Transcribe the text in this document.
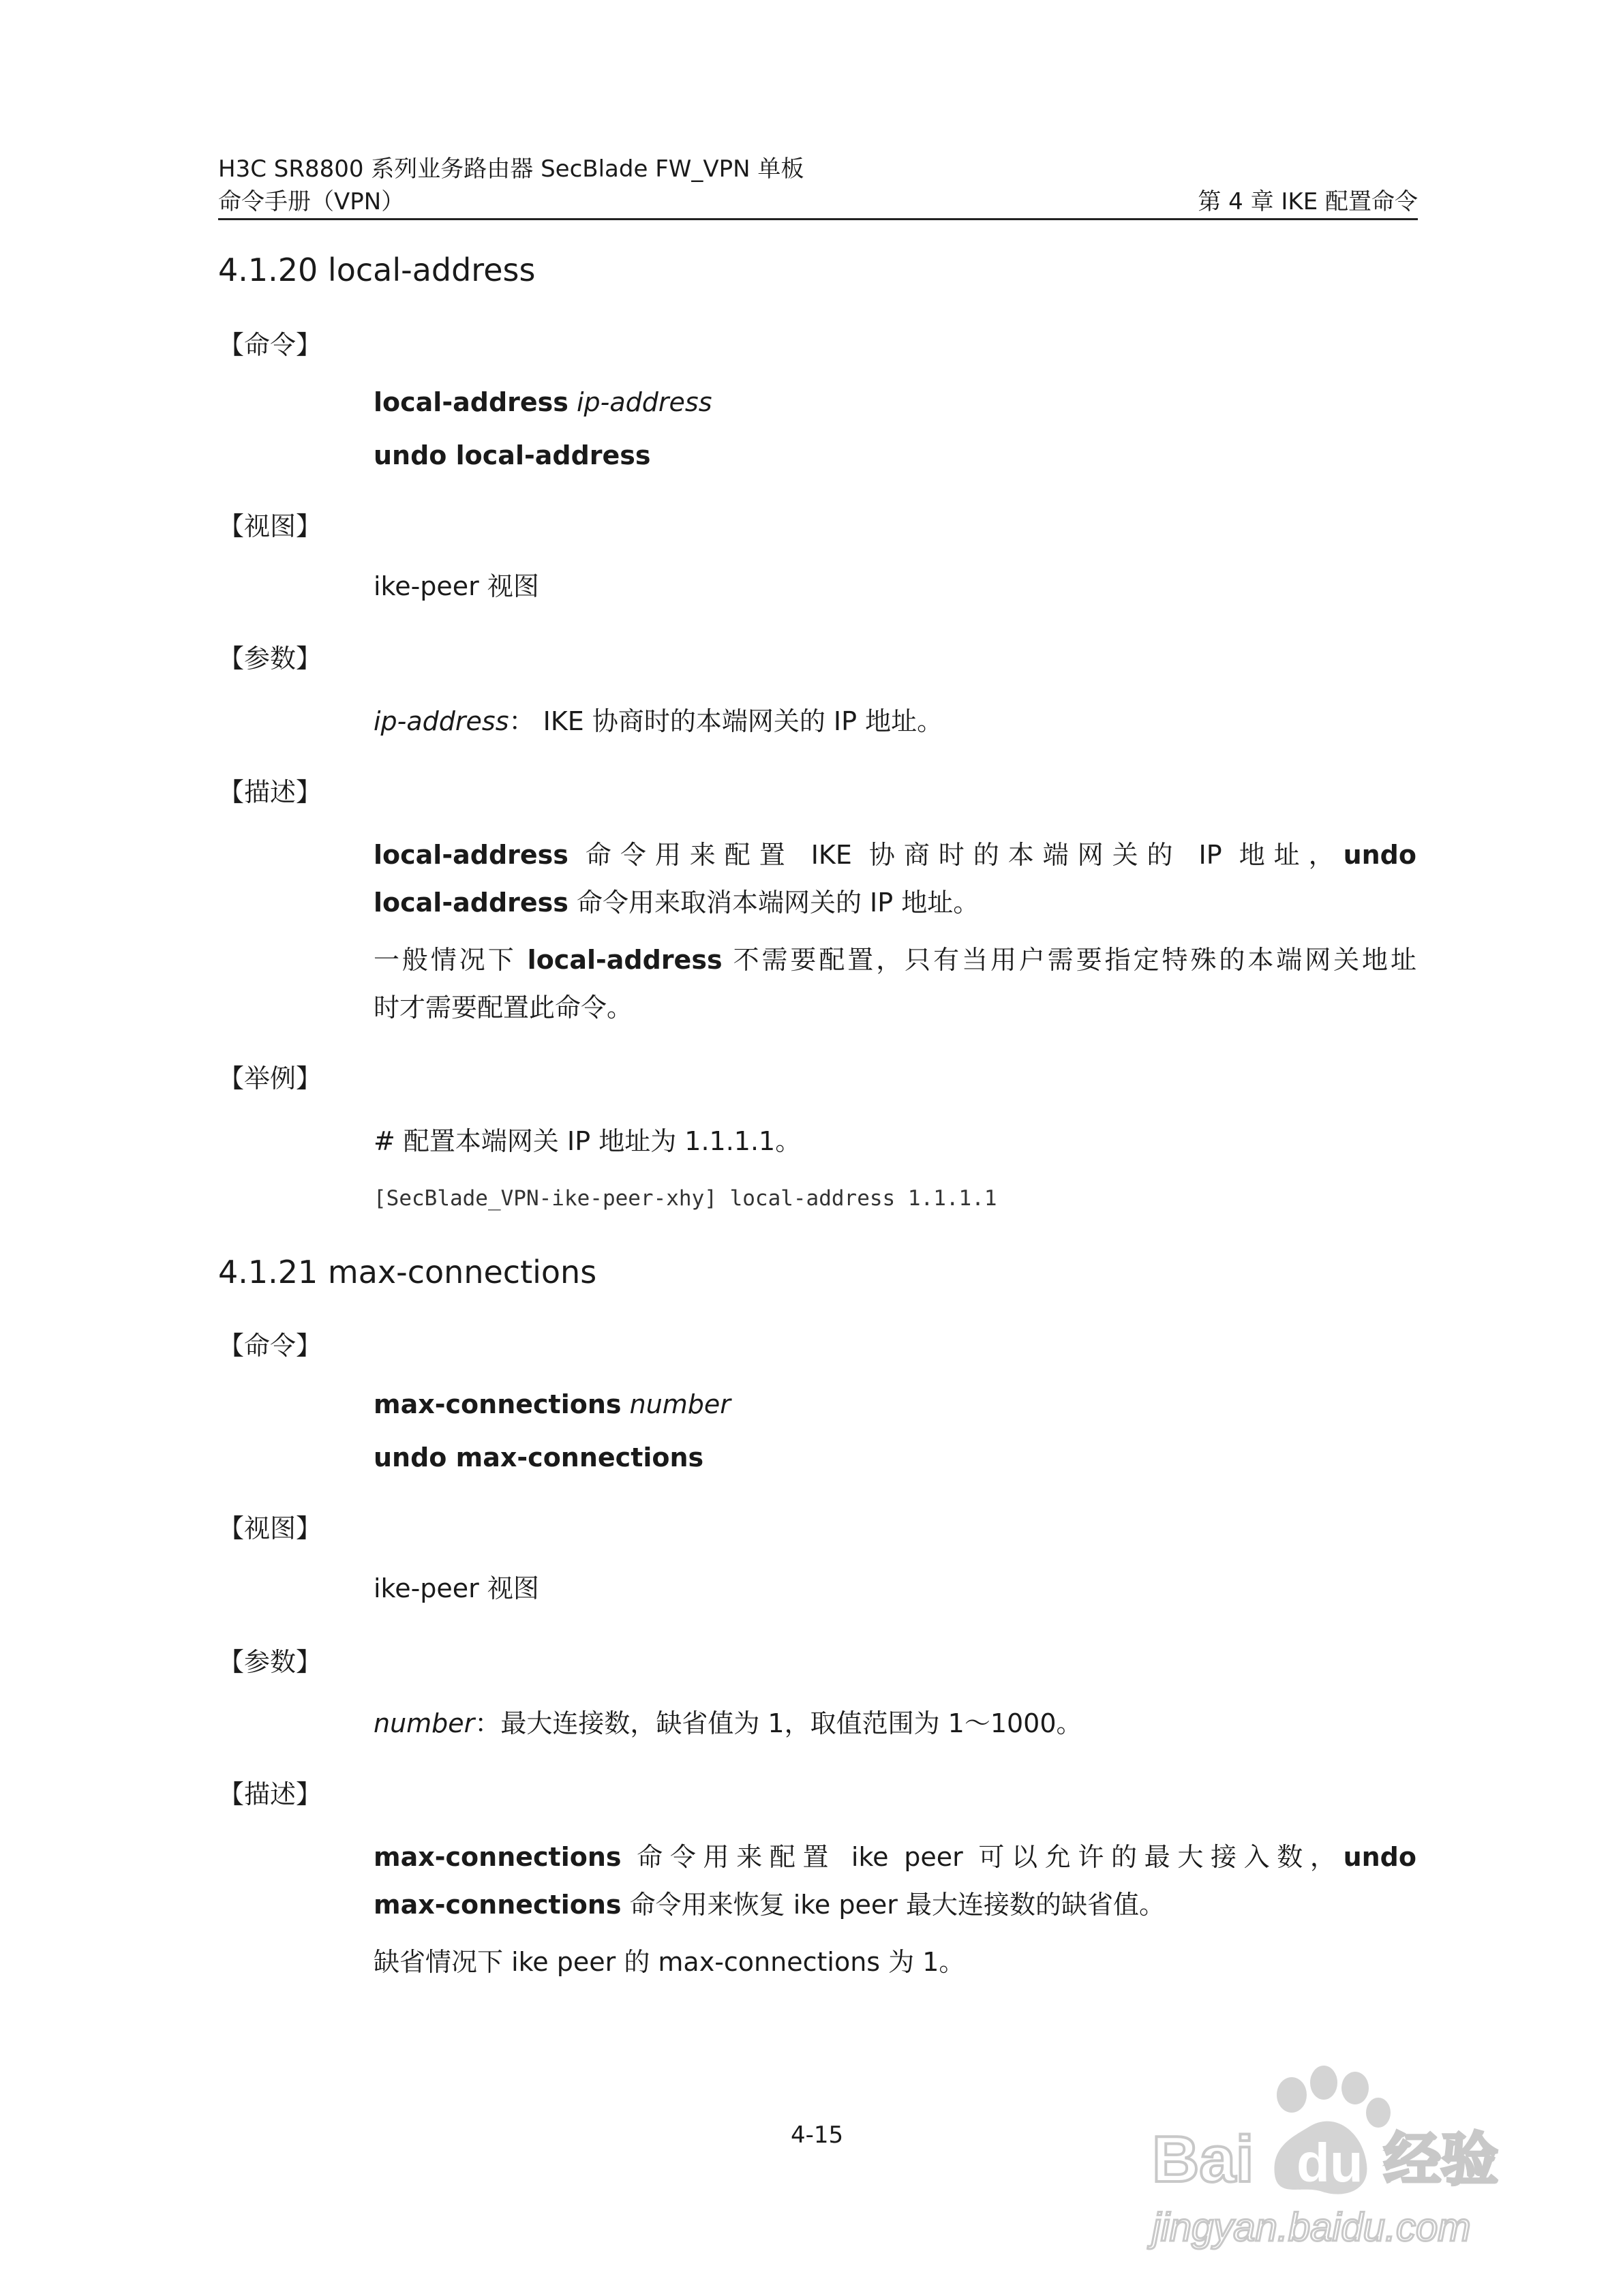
H3C SR8800 系列业务路由器 SecBlade FW_VPN 单板
命令手册（VPN）	第 4 章 IKE 配置命令
4.1.20 local-address
【命令】
local-address ip-address
undo local-address
【视图】
ike-peer 视图
【参数】
ip-address： IKE 协商时的本端网关的 IP 地址。
【描述】
local-address 命令用来配置 IKE 协商时的本端网关的 IP 地址，undo
local-address 命令用来取消本端网关的 IP 地址。
一般情况下 local-address 不需要配置，只有当用户需要指定特殊的本端网关地址
时才需要配置此命令。
【举例】
# 配置本端网关 IP 地址为 1.1.1.1。
[SecBlade_VPN-ike-peer-xhy] local-address 1.1.1.1
4.1.21 max-connections
【命令】
max-connections number
undo max-connections
【视图】
ike-peer 视图
【参数】
number：最大连接数，缺省值为 1，取值范围为 1～1000。
【描述】
max-connections 命令用来配置 ike peer 可以允许的最大接入数，undo
max-connections 命令用来恢复 ike peer 最大连接数的缺省值。
缺省情况下 ike peer 的 max-connections 为 1。
4-15	Bai du 经验
jingyan.baidu.com
